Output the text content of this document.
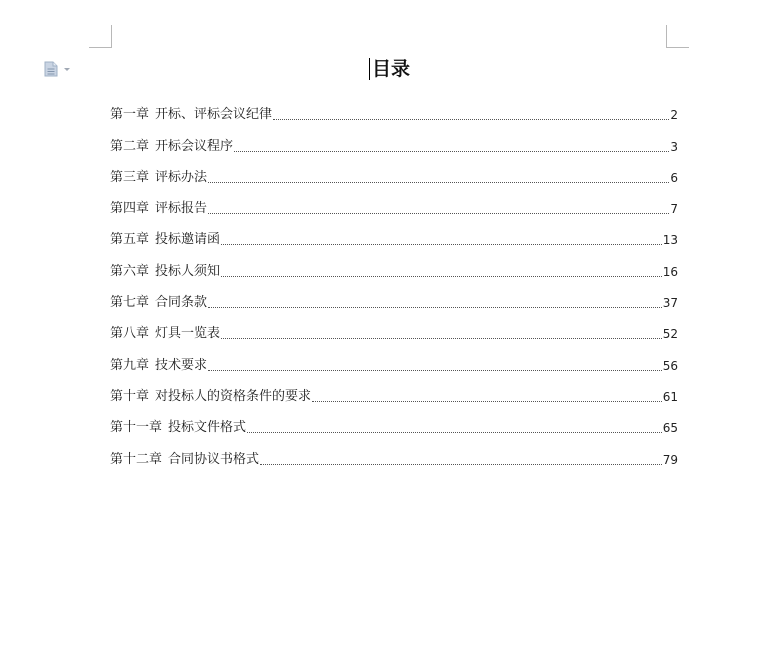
目录
第一章 开标、评标会议纪律	2
第二章 开标会议程序	3
第三章 评标办法	6
第四章 评标报告	7
第五章 投标邀请函	13
第六章 投标人须知	16
第七章 合同条款	37
第八章 灯具一览表	52
第九章 技术要求	56
第十章 对投标人的资格条件的要求	61
第十一章 投标文件格式	65
第十二章 合同协议书格式	79
